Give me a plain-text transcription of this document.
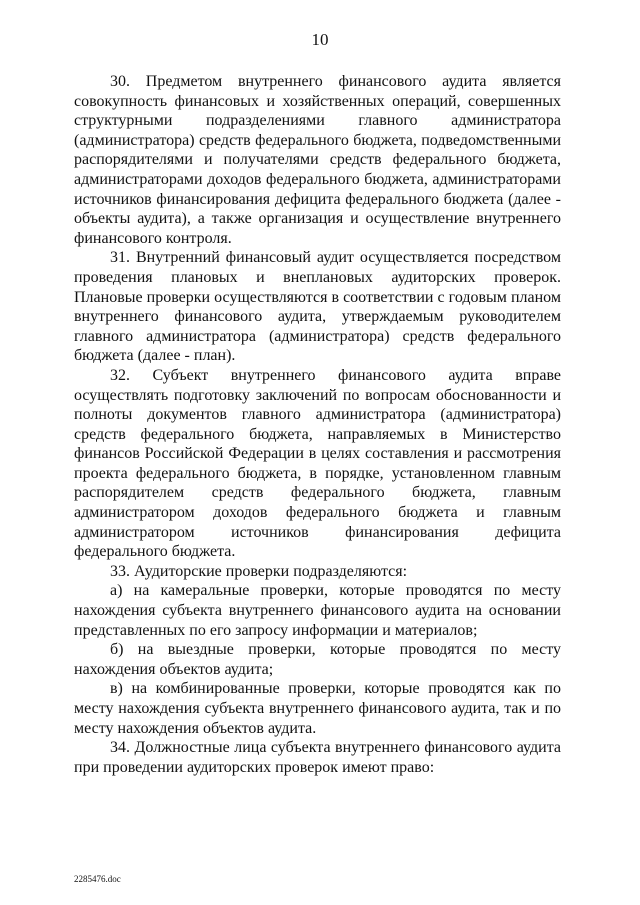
10

30. Предметом внутреннего финансового аудита является совокупность финансовых и хозяйственных операций, совершенных структурными подразделениями главного администратора (администратора) средств федерального бюджета, подведомственными распорядителями и получателями средств федерального бюджета, администраторами доходов федерального бюджета, администраторами источников финансирования дефицита федерального бюджета (далее - объекты аудита), а также организация и осуществление внутреннего финансового контроля.

31. Внутренний финансовый аудит осуществляется посредством проведения плановых и внеплановых аудиторских проверок. Плановые проверки осуществляются в соответствии с годовым планом внутреннего финансового аудита, утверждаемым руководителем главного администратора (администратора) средств федерального бюджета (далее - план).

32. Субъект внутреннего финансового аудита вправе осуществлять подготовку заключений по вопросам обоснованности и полноты документов главного администратора (администратора) средств федерального бюджета, направляемых в Министерство финансов Российской Федерации в целях составления и рассмотрения проекта федерального бюджета, в порядке, установленном главным распорядителем средств федерального бюджета, главным администратором доходов федерального бюджета и главным администратором источников финансирования дефицита федерального бюджета.

33. Аудиторские проверки подразделяются:

а) на камеральные проверки, которые проводятся по месту нахождения субъекта внутреннего финансового аудита на основании представленных по его запросу информации и материалов;

б) на выездные проверки, которые проводятся по месту нахождения объектов аудита;

в) на комбинированные проверки, которые проводятся как по месту нахождения субъекта внутреннего финансового аудита, так и по месту нахождения объектов аудита.

34. Должностные лица субъекта внутреннего финансового аудита при проведении аудиторских проверок имеют право:

2285476.doc
